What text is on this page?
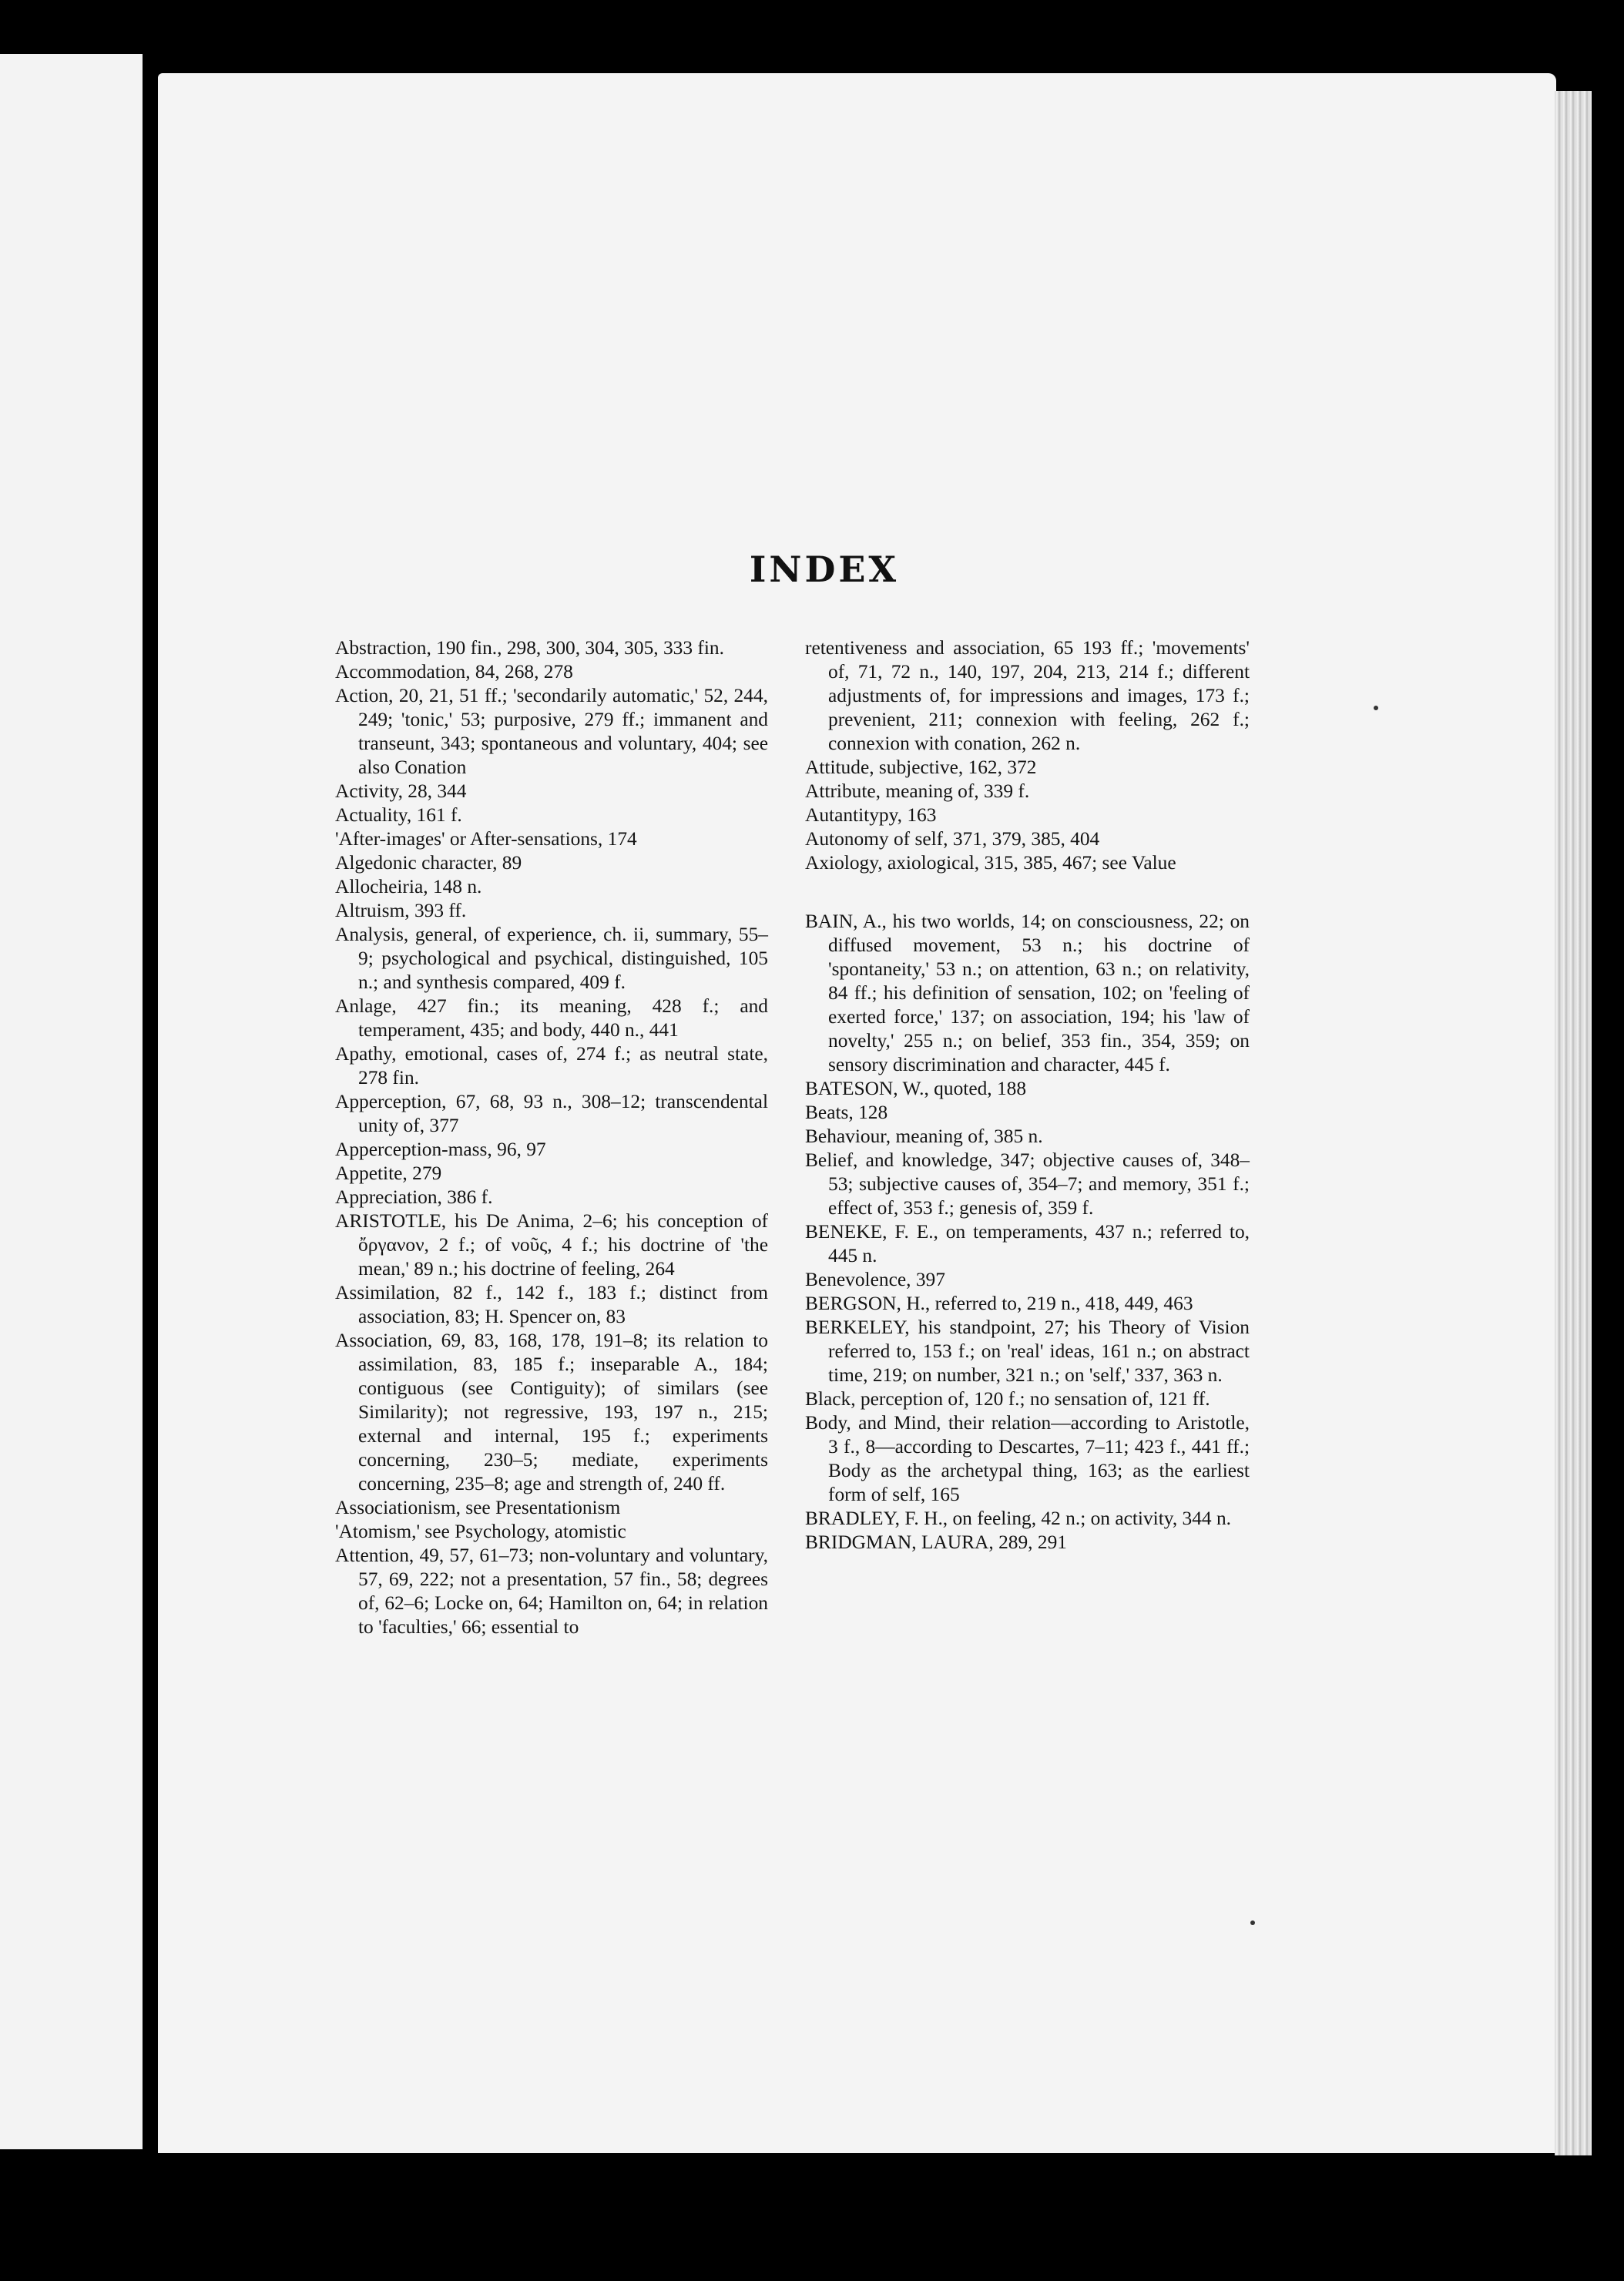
INDEX

Abstraction, 190 fin., 298, 300, 304, 305, 333 fin.

Accommodation, 84, 268, 278

Action, 20, 21, 51 ff.; 'secondarily automatic,' 52, 244, 249; 'tonic,' 53; purposive, 279 ff.; immanent and transeunt, 343; spontaneous and voluntary, 404; see also Conation

Activity, 28, 344

Actuality, 161 f.

'After-images' or After-sensations, 174

Algedonic character, 89

Allocheiria, 148 n.

Altruism, 393 ff.

Analysis, general, of experience, ch. ii, summary, 55–9; psychological and psychical, distinguished, 105 n.; and synthesis compared, 409 f.

Anlage, 427 fin.; its meaning, 428 f.; and temperament, 435; and body, 440 n., 441

Apathy, emotional, cases of, 274 f.; as neutral state, 278 fin.

Apperception, 67, 68, 93 n., 308–12; transcendental unity of, 377

Apperception-mass, 96, 97

Appetite, 279

Appreciation, 386 f.

ARISTOTLE, his De Anima, 2–6; his conception of ὄργανον, 2 f.; of νοῦς, 4 f.; his doctrine of 'the mean,' 89 n.; his doctrine of feeling, 264

Assimilation, 82 f., 142 f., 183 f.; distinct from association, 83; H. Spencer on, 83

Association, 69, 83, 168, 178, 191–8; its relation to assimilation, 83, 185 f.; inseparable A., 184; contiguous (see Contiguity); of similars (see Similarity); not regressive, 193, 197 n., 215; external and internal, 195 f.; experiments concerning, 230–5; mediate, experiments concerning, 235–8; age and strength of, 240 ff.

Associationism, see Presentationism

'Atomism,' see Psychology, atomistic

Attention, 49, 57, 61–73; non-voluntary and voluntary, 57, 69, 222; not a presentation, 57 fin., 58; degrees of, 62–6; Locke on, 64; Hamilton on, 64; in relation to 'faculties,' 66; essential to

retentiveness and association, 65 193 ff.; 'movements' of, 71, 72 n., 140, 197, 204, 213, 214 f.; different adjustments of, for impressions and images, 173 f.; prevenient, 211; connexion with feeling, 262 f.; connexion with conation, 262 n.

Attitude, subjective, 162, 372

Attribute, meaning of, 339 f.

Autantitypy, 163

Autonomy of self, 371, 379, 385, 404

Axiology, axiological, 315, 385, 467; see Value

BAIN, A., his two worlds, 14; on consciousness, 22; on diffused movement, 53 n.; his doctrine of 'spontaneity,' 53 n.; on attention, 63 n.; on relativity, 84 ff.; his definition of sensation, 102; on 'feeling of exerted force,' 137; on association, 194; his 'law of novelty,' 255 n.; on belief, 353 fin., 354, 359; on sensory discrimination and character, 445 f.

BATESON, W., quoted, 188

Beats, 128

Behaviour, meaning of, 385 n.

Belief, and knowledge, 347; objective causes of, 348–53; subjective causes of, 354–7; and memory, 351 f.; effect of, 353 f.; genesis of, 359 f.

BENEKE, F. E., on temperaments, 437 n.; referred to, 445 n.

Benevolence, 397

BERGSON, H., referred to, 219 n., 418, 449, 463

BERKELEY, his standpoint, 27; his Theory of Vision referred to, 153 f.; on 'real' ideas, 161 n.; on abstract time, 219; on number, 321 n.; on 'self,' 337, 363 n.

Black, perception of, 120 f.; no sensation of, 121 ff.

Body, and Mind, their relation—according to Aristotle, 3 f., 8—according to Descartes, 7–11; 423 f., 441 ff.; Body as the archetypal thing, 163; as the earliest form of self, 165

BRADLEY, F. H., on feeling, 42 n.; on activity, 344 n.

BRIDGMAN, LAURA, 289, 291
